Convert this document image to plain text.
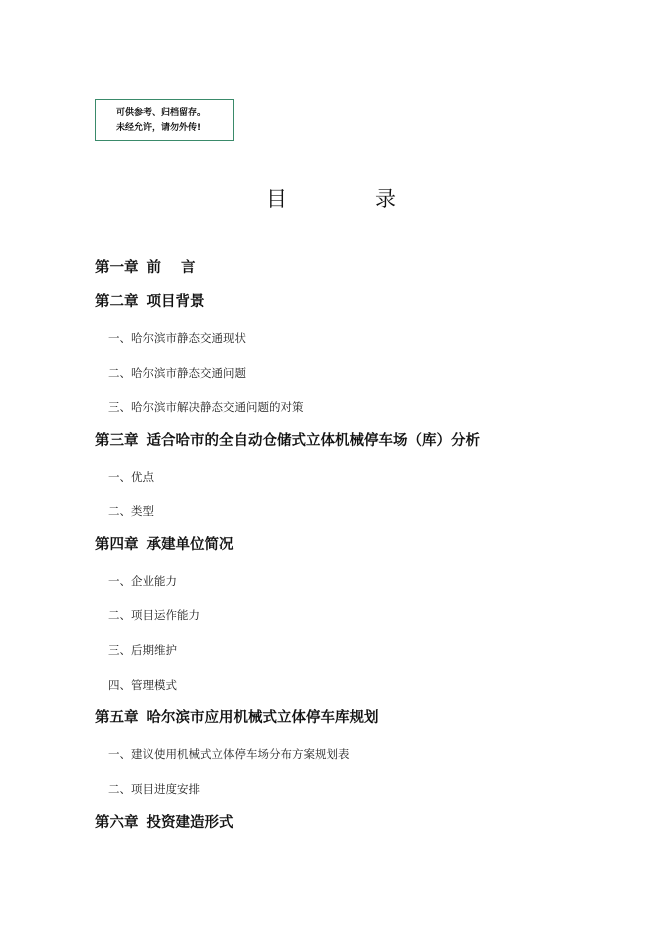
可供参考、归档留存。
未经允许，请勿外传!
目	录
第一章 前 言
第二章 项目背景
一、哈尔滨市静态交通现状
二、哈尔滨市静态交通问题
三、哈尔滨市解决静态交通问题的对策
第三章 适合哈市的全自动仓储式立体机械停车场（库）分析
一、优点
二、类型
第四章 承建单位简况
一、企业能力
二、项目运作能力
三、后期维护
四、管理模式
第五章 哈尔滨市应用机械式立体停车库规划
一、建议使用机械式立体停车场分布方案规划表
二、项目进度安排
第六章 投资建造形式
